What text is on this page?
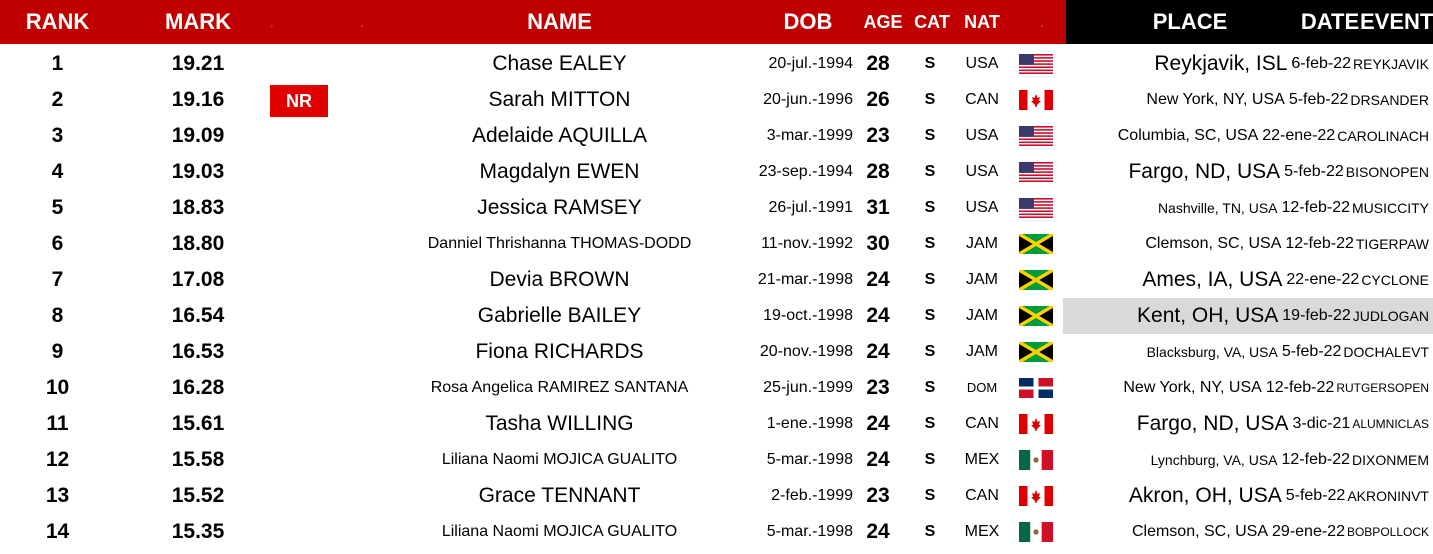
RANK	MARK	.	.	NAME	DOB	AGE CAT NAT	.	PLACE	DATE EVENT
1	19.21	Chase EALEY	20-jul.-1994 28	S	USA	Reykjavik, ISL 6-feb-22 REYKJAVIK
2	19.16	NR	Sarah MITTON	20-jun.-1996 26	S	CAN	New York, NY, USA 5-feb-22 DRSANDER
3	19.09	Adelaide AQUILLA	3-mar.-1999 23	S	USA	Columbia, SC, USA 22-ene-22 CAROLINACH
4	19.03	Magdalyn EWEN	23-sep.-1994 28	S	USA	Fargo, ND, USA 5-feb-22 BISONOPEN
5	18.83	Jessica RAMSEY	26-jul.-1991 31	S	USA	Nashville, TN, USA 12-feb-22 MUSICCITY
6	18.80	Danniel Thrishanna THOMAS-DODD	11-nov.-1992 30	S	JAM	Clemson, SC, USA 12-feb-22 TIGERPAW
7	17.08	Devia BROWN	21-mar.-1998 24	S	JAM	Ames, IA, USA 22-ene-22 CYCLONE
8	16.54	Gabrielle BAILEY	19-oct.-1998 24	S	JAM	Kent, OH, USA 19-feb-22 JUDLOGAN
9	16.53	Fiona RICHARDS	20-nov.-1998 24	S	JAM	Blacksburg, VA, USA 5-feb-22 DOCHALEVT
10	16.28	Rosa Angelica RAMIREZ SANTANA	25-jun.-1999 23	S	DOM	New York, NY, USA 12-feb-22 RUTGERSOPEN
11	15.61	Tasha WILLING	1-ene.-1998 24	S	CAN	Fargo, ND, USA 3-dic-21 ALUMNICLAS
12	15.58	Liliana Naomi MOJICA GUALITO	5-mar.-1998 24	S	MEX	Lynchburg, VA, USA 12-feb-22 DIXONMEM
13	15.52	Grace TENNANT	2-feb.-1999 23	S	CAN	Akron, OH, USA 5-feb-22 AKRONINVT
14	15.35	Liliana Naomi MOJICA GUALITO	5-mar.-1998 24	S	MEX	Clemson, SC, USA 29-ene-22 BOBPOLLOCK
